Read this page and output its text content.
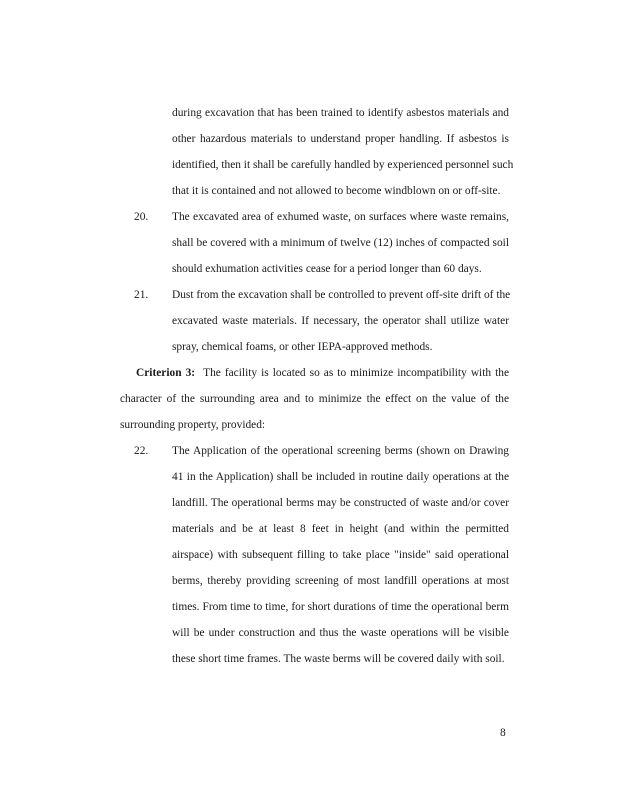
during excavation that has been trained to identify asbestos materials and
other hazardous materials to understand proper handling. If asbestos is
identified, then it shall be carefully handled by experienced personnel such
that it is contained and not allowed to become windblown on or off-site.
20. The excavated area of exhumed waste, on surfaces where waste remains,
shall be covered with a minimum of twelve (12) inches of compacted soil
should exhumation activities cease for a period longer than 60 days.
21. Dust from the excavation shall be controlled to prevent off-site drift of the
excavated waste materials. If necessary, the operator shall utilize water
spray, chemical foams, or other IEPA-approved methods.
Criterion 3: The facility is located so as to minimize incompatibility with the
character of the surrounding area and to minimize the effect on the value of the
surrounding property, provided:
22. The Application of the operational screening berms (shown on Drawing
41 in the Application) shall be included in routine daily operations at the
landfill. The operational berms may be constructed of waste and/or cover
materials and be at least 8 feet in height (and within the permitted
airspace) with subsequent filling to take place "inside" said operational
berms, thereby providing screening of most landfill operations at most
times. From time to time, for short durations of time the operational berm
will be under construction and thus the waste operations will be visible
these short time frames. The waste berms will be covered daily with soil.
8
